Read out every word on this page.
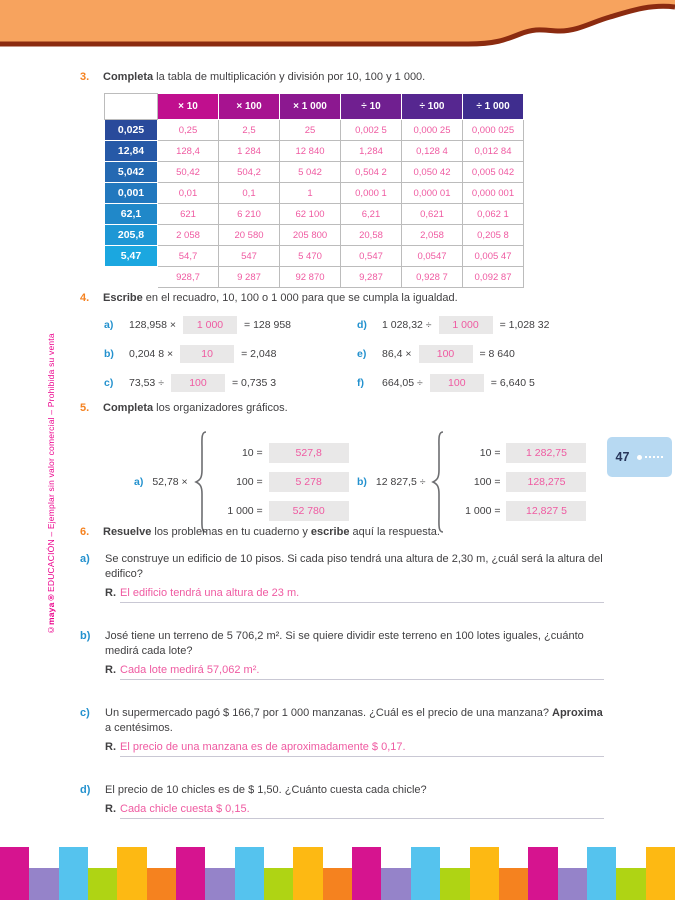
©
maya®
EDUCACIÓN – Ejemplar sin valor comercial – Prohibida su venta
3.	Completa la tabla de multiplicación y división por 10, 100 y 1 000.
	× 10	× 100	× 1 000	÷ 10	÷ 100	÷ 1 000
0,025	0,25	2,5	25	0,002 5	0,000 25	0,000 025
12,84	128,4	1 284	12 840	1,284	0,128 4	0,012 84
5,042	50,42	504,2	5 042	0,504 2	0,050 42	0,005 042
0,001	0,01	0,1	1	0,000 1	0,000 01	0,000 001
62,1	621	6 210	62 100	6,21	0,621	0,062 1
205,8	2 058	20 580	205 800	20,58	2,058	0,205 8
5,47	54,7	547	5 470	0,547	0,0547	0,005 47
92,87	928,7	9 287	92 870	9,287	0,928 7	0,092 87
4.	Escribe en el recuadro, 10, 100 o 1 000 para que se cumpla la igualdad.
a)	128,958 ×	1 000	= 128 958	d)	1 028,32 ÷	1 000	= 1,028 32
b)	0,204 8 ×	10	= 2,048	e)	86,4 ×	100	= 8 640
c)	73,53 ÷	100	= 0,735 3	f)	664,05 ÷	100	= 6,640 5
5.	Completa los organizadores gráficos.
a) 52,78 ×
10 =	527,8
100 =	5 278
1 000 =	52 780
b) 12 827,5 ÷
10 =	1 282,75
100 =	128,275
1 000 =	12,827 5
47
6.	Resuelve los problemas en tu cuaderno y escribe aquí la respuesta.
a)	Se construye un edificio de 10 pisos. Si cada piso tendrá una altura de 2,30 m, ¿cuál será la altura del edifico?
R. El edificio tendrá una altura de 23 m.
b)	José tiene un terreno de 5 706,2 m². Si se quiere dividir este terreno en 100 lotes iguales, ¿cuánto medirá cada lote?
R. Cada lote medirá 57,062 m².
c)	Un supermercado pagó $ 166,7 por 1 000 manzanas. ¿Cuál es el precio de una manzana? Aproxima a centésimos.
R. El precio de una manzana es de aproximadamente $ 0,17.
d)	El precio de 10 chicles es de $ 1,50. ¿Cuánto cuesta cada chicle?
R. Cada chicle cuesta $ 0,15.
